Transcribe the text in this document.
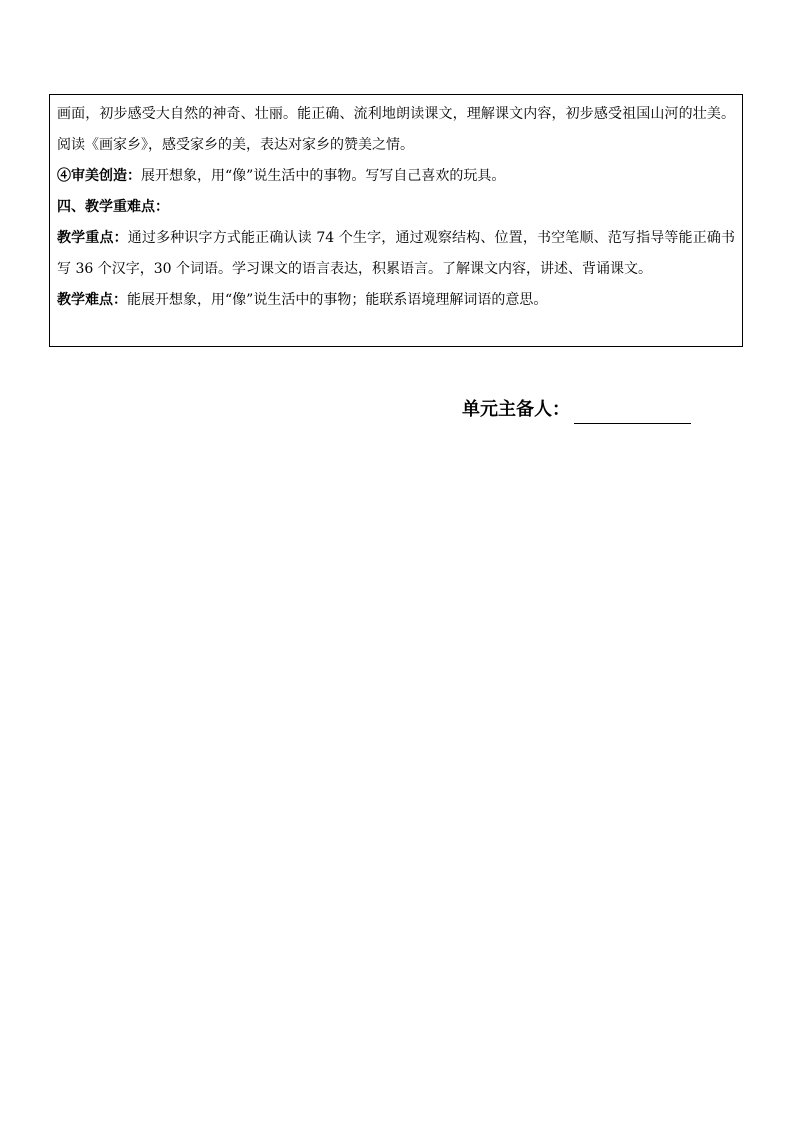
画面，初步感受大自然的神奇、壮丽。能正确、流利地朗读课文，理解课文内容，初步感受祖国山河的壮美。阅读《画家乡》，感受家乡的美，表达对家乡的赞美之情。

④审美创造：展开想象，用“像”说生活中的事物。写写自己喜欢的玩具。

四、教学重难点：

教学重点：通过多种识字方式能正确认读 74 个生字，通过观察结构、位置，书空笔顺、范写指导等能正确书写 36 个汉字，30 个词语。学习课文的语言表达，积累语言。了解课文内容，讲述、背诵课文。

教学难点：能展开想象，用“像”说生活中的事物；能联系语境理解词语的意思。

单元主备人：
